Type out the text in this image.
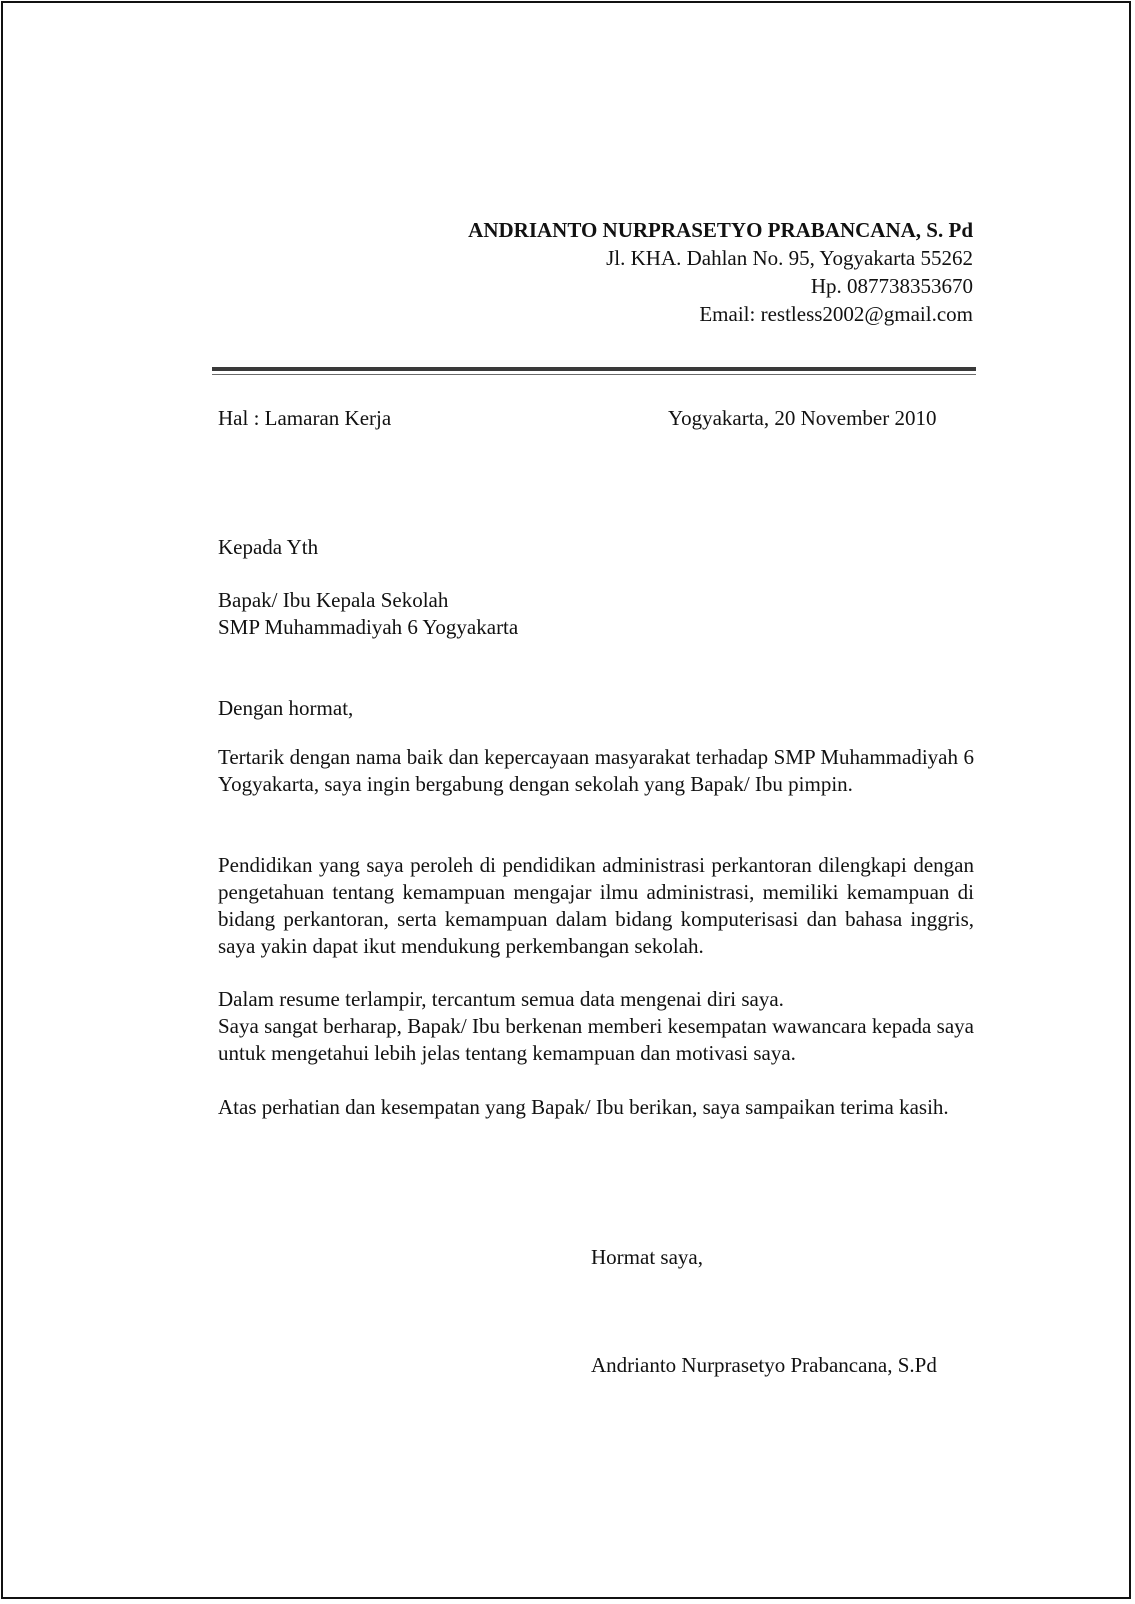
ANDRIANTO NURPRASETYO PRABANCANA, S. Pd
Jl. KHA. Dahlan No. 95, Yogyakarta 55262
Hp. 087738353670
Email: restless2002@gmail.com
Hal : Lamaran Kerja	Yogyakarta, 20 November 2010
Kepada Yth
Bapak/ Ibu Kepala Sekolah
SMP Muhammadiyah 6 Yogyakarta
Dengan hormat,

Tertarik dengan nama baik dan kepercayaan masyarakat terhadap SMP Muhammadiyah 6 Yogyakarta, saya ingin bergabung dengan sekolah yang Bapak/ Ibu pimpin.

Pendidikan yang saya peroleh di pendidikan administrasi perkantoran dilengkapi dengan pengetahuan tentang kemampuan mengajar ilmu administrasi, memiliki kemampuan di bidang perkantoran, serta kemampuan dalam bidang komputerisasi dan bahasa inggris, saya yakin dapat ikut mendukung perkembangan sekolah.

Dalam resume terlampir, tercantum semua data mengenai diri saya.

Saya sangat berharap, Bapak/ Ibu berkenan memberi kesempatan wawancara kepada saya untuk mengetahui lebih jelas tentang kemampuan dan motivasi saya.

Atas perhatian dan kesempatan yang Bapak/ Ibu berikan, saya sampaikan terima kasih.

Hormat saya,
Andrianto Nurprasetyo Prabancana, S.Pd
